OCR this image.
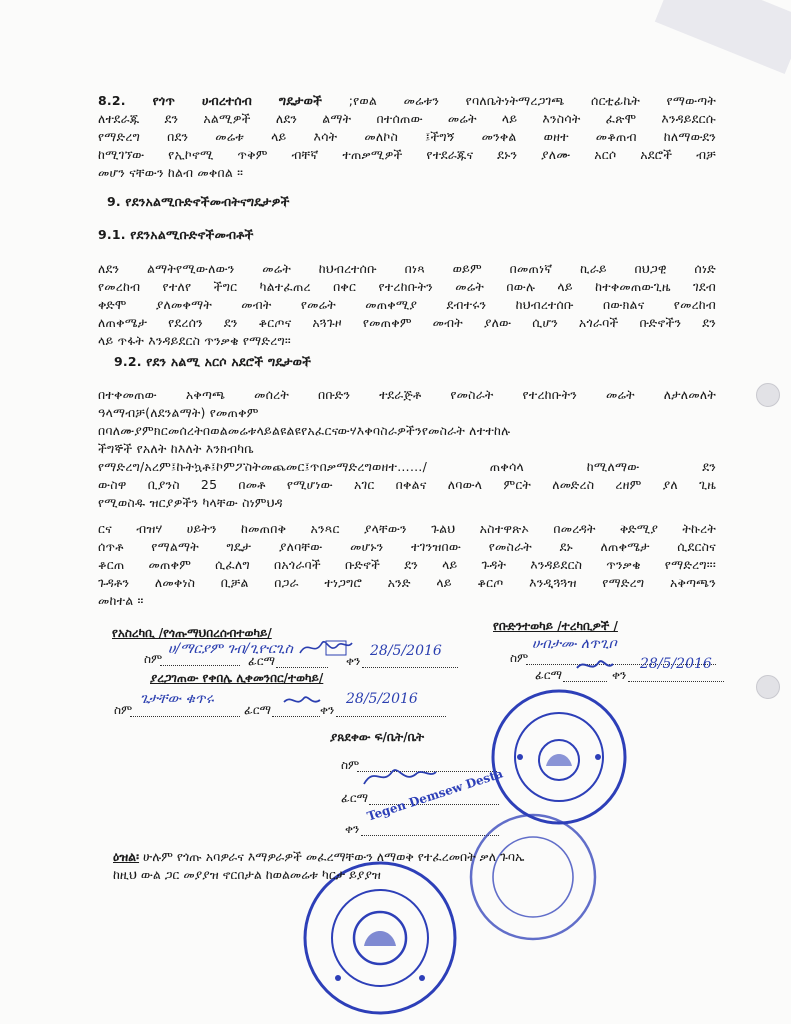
8.2. የጎጥ ሀብረተሰብ ግዴታወች ;የወል መሬቱን የባለቤትነትማረጋገጫ ሰርቲፊኬት የማውጣት
ለተደራጁ ደን አልሚዎች ለደን ልማት በተሰጠው መሬት ላይ እንስሳት ፈጽሞ እንዳይደርሱ
የማድረግ በደን መሬቱ ላይ እሳት መለኮስ ፤ችግኝ መንቀል ወዘተ መቆጠብ ከለማውደን
ከሚገኘው የኢኮኖሚ ጥቅም ብቸኛ ተጠቃሚዎች የተደራጁና ደኑን ያለሙ አርሶ አደሮች ብቻ
መሆን ናቸውን ከልብ መቀበል ።
9. የደንአልሚቡድኖችመብትናግዴታዎች
9.1. የደንአልሚቡድኖችመብቶች
ለደን ልማትየሚውለውን መሬት ከህብረተሰቡ በነጻ ወይም በመጠነኛ ኪራይ በህጋዊ ሰነድ
የመረከብ የተለየ ችግር ካልተፈጠረ በቀር የተረከቡትን መሬት በውሉ ላይ ከተቀመጠውጊዜ ገደብ
ቀድሞ ያለመቀማት መብት የመሬት መጠቀሚያ ደብተሩን ከህብረተሰቡ በውክልና የመረከብ
ለጠቀሜታ የደረሰን ደን ቆርጦና አጓጉዞ የመጠቀም መብት ያለው ሲሆን አጎራባች ቡድኖችን ደን
ላይ ጥፋት እንዳይደርስ ጥንቃቄ የማድረግ።
9.2. የደን አልሚ አርሶ አደሮች ግዴታወች
በተቀመጠው አቅጣጫ መሰረት በቡድን ተደራጅቶ የመስራት የተረከቡትን መሬት ለታለመለት
ዓላማብቻ(ለደንልማት) የመጠቀም
በባለሙያምክርመሰረትበወልመሬቱላይልዩልዩየአፈርናውሃእቀባስራዎችንየመስራት ለተተከሉ
ችግኞች የአለት ከእለት እንክብካቤ
የማድረግ/አረም፤ኩትኳቶ፤ኮምፖስትመጨመር፤ጥበቃማድረግወዘተ……/ ጠቀሳላ ከሚለማው ደን
ውስዋ ቢያንስ 25 በመቶ የሚሆነው አገር በቀልና ለባውላ ምርት ለመድረስ ረዘም ያለ ጊዜ
የሚወስዱ ዝርያዎችን ካላቸው ስነምህዳ
ርና ብዝሃ ሀይትን ከመጠበቅ አንጻር ያላቸውን ጉልህ አስተዋጽኦ በመረዳት ቅድሚያ ትኩረት
ሰጥቶ የማልማት ግዴታ ያለባቸው መሆኑን ተገንዝበው የመስራት ደኑ ለጠቀሜታ ሲደርስና
ቆርጠ መጠቀም ሲፈለግ በአጎራባች ቡድኖች ደን ላይ ጉዳት እንዳይደርስ ጥንቃቄ የማድረግ።፡
ጉዳቶን ለመቀነስ ቢቻል በጋራ ተነጋግሮ አንድ ላይ ቆርጦ እንዲጓጓዝ የማድረግ አቅጣጫን
መከተል ።
የአስረካቢ /የጎጡማህበረሰብተወካይ/	የቡድንተወካይ /ተረካቢዎች /
ስም
ሀ/ማርያም ገብ/ጊዮርጊስ
ፊርማ	ቀን
28/5/2016	ስም
ሀብታሙ ለጥጊቦ
ፊርማ	ቀን
28/5/2016
ያረጋገጠው የቀበሌ ሊቀመንበር/ተወካይ/
ስም
ጌታቸው ቁጥሩ
ፊርማ	ቀን
28/5/2016
ያጸደቀው ፍ/ቤት/ቤት
ስም
ፊርማ
ቀን
Tegen Demsew Desta
ዕዝል፡ ሁሉም የጎጡ አባዎራና እማዎራዎች መፈረማቸውን ለማወቅ የተፈረመበት ቃለ ጉባኤ
ከዚህ ውል ጋር መያያዝ ኖርበታል ከወልመሬቱ ካርታ ይያያዝ
